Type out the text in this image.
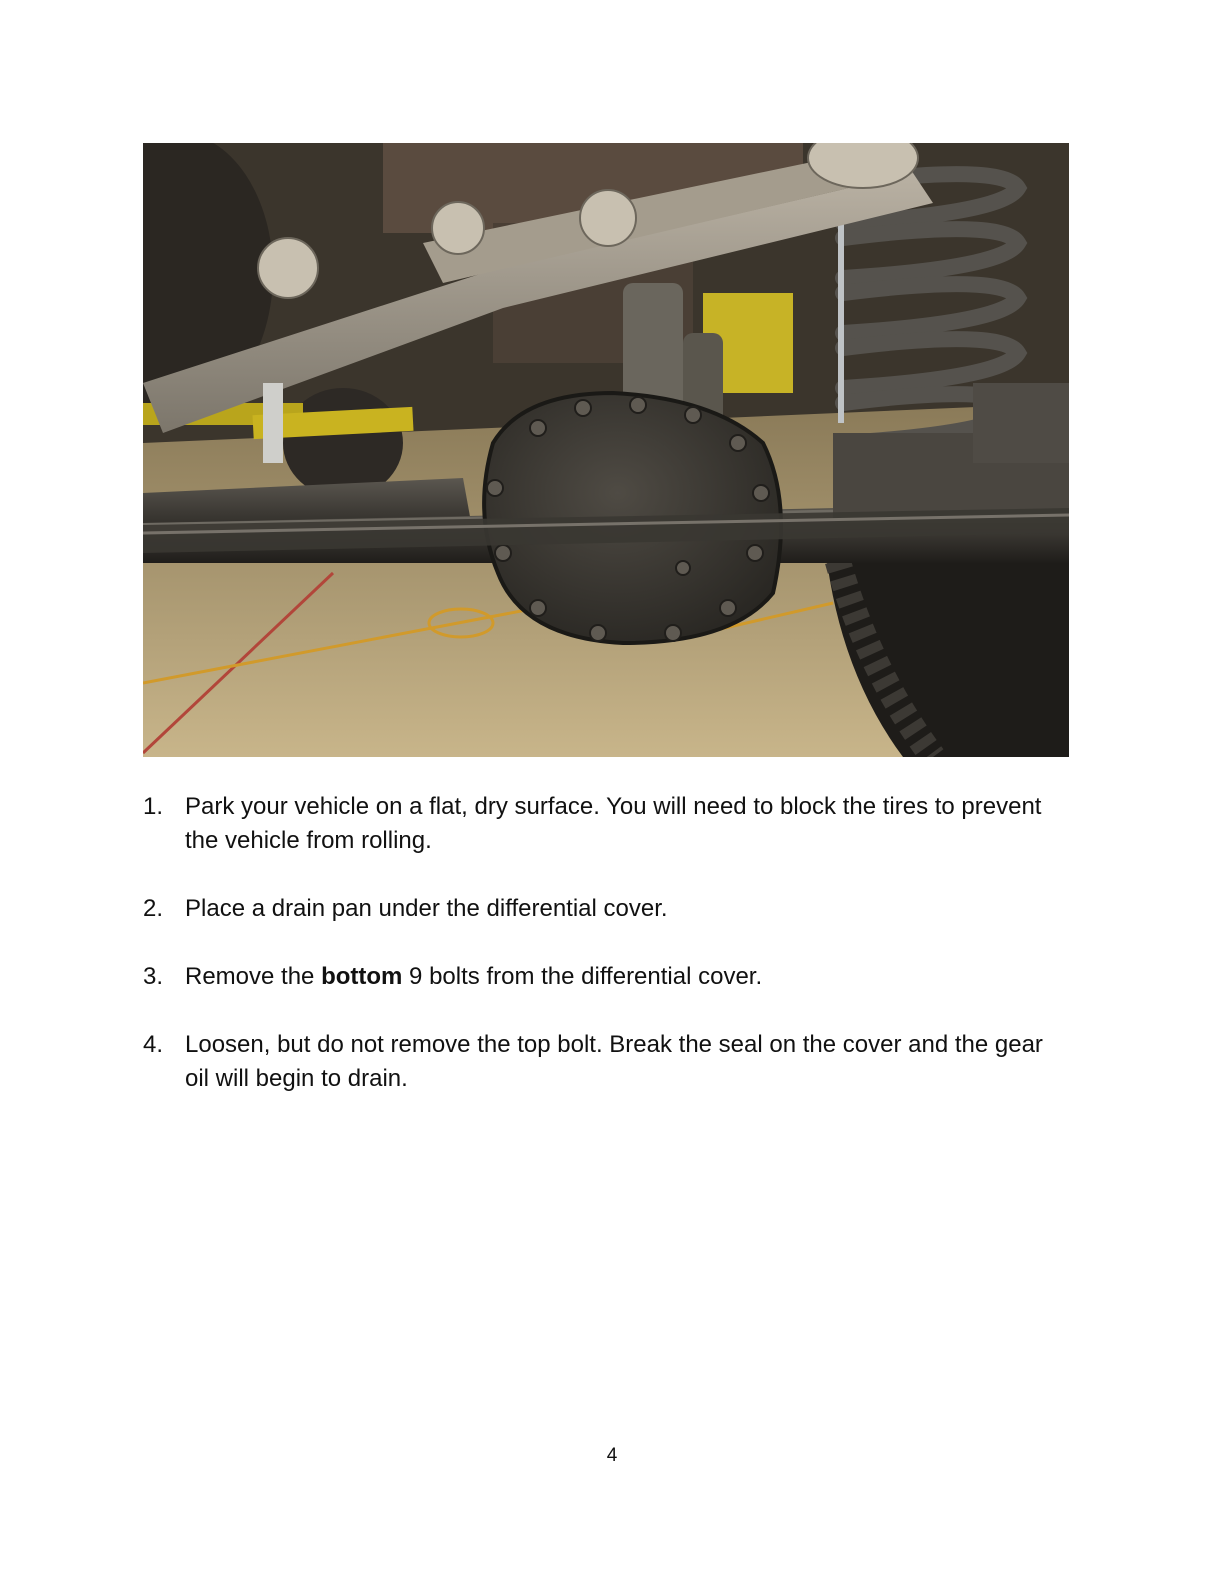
1. Park your vehicle on a flat, dry surface. You will need to block the tires to prevent the vehicle from rolling.
2. Place a drain pan under the differential cover.
3. Remove the bottom 9 bolts from the differential cover.
4. Loosen, but do not remove the top bolt. Break the seal on the cover and the gear oil will begin to drain.
4
